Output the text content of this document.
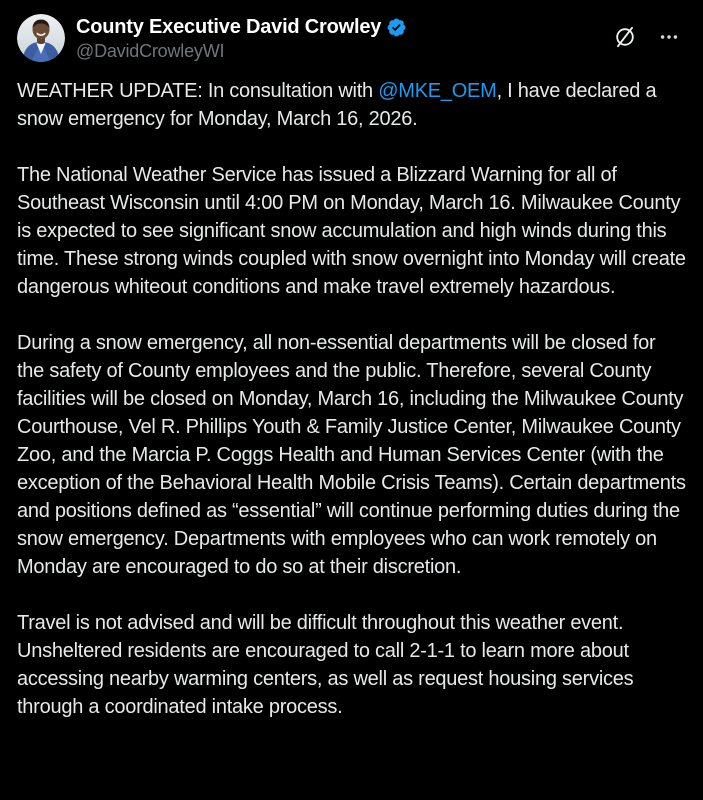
County Executive David Crowley
@DavidCrowleyWI

WEATHER UPDATE: In consultation with @MKE_OEM, I have declared a snow emergency for Monday, March 16, 2026.

The National Weather Service has issued a Blizzard Warning for all of Southeast Wisconsin until 4:00 PM on Monday, March 16. Milwaukee County is expected to see significant snow accumulation and high winds during this time. These strong winds coupled with snow overnight into Monday will create dangerous whiteout conditions and make travel extremely hazardous.

During a snow emergency, all non-essential departments will be closed for the safety of County employees and the public. Therefore, several County facilities will be closed on Monday, March 16, including the Milwaukee County Courthouse, Vel R. Phillips Youth & Family Justice Center, Milwaukee County Zoo, and the Marcia P. Coggs Health and Human Services Center (with the exception of the Behavioral Health Mobile Crisis Teams). Certain departments and positions defined as “essential” will continue performing duties during the snow emergency. Departments with employees who can work remotely on Monday are encouraged to do so at their discretion.

Travel is not advised and will be difficult throughout this weather event. Unsheltered residents are encouraged to call 2-1-1 to learn more about accessing nearby warming centers, as well as request housing services through a coordinated intake process.
